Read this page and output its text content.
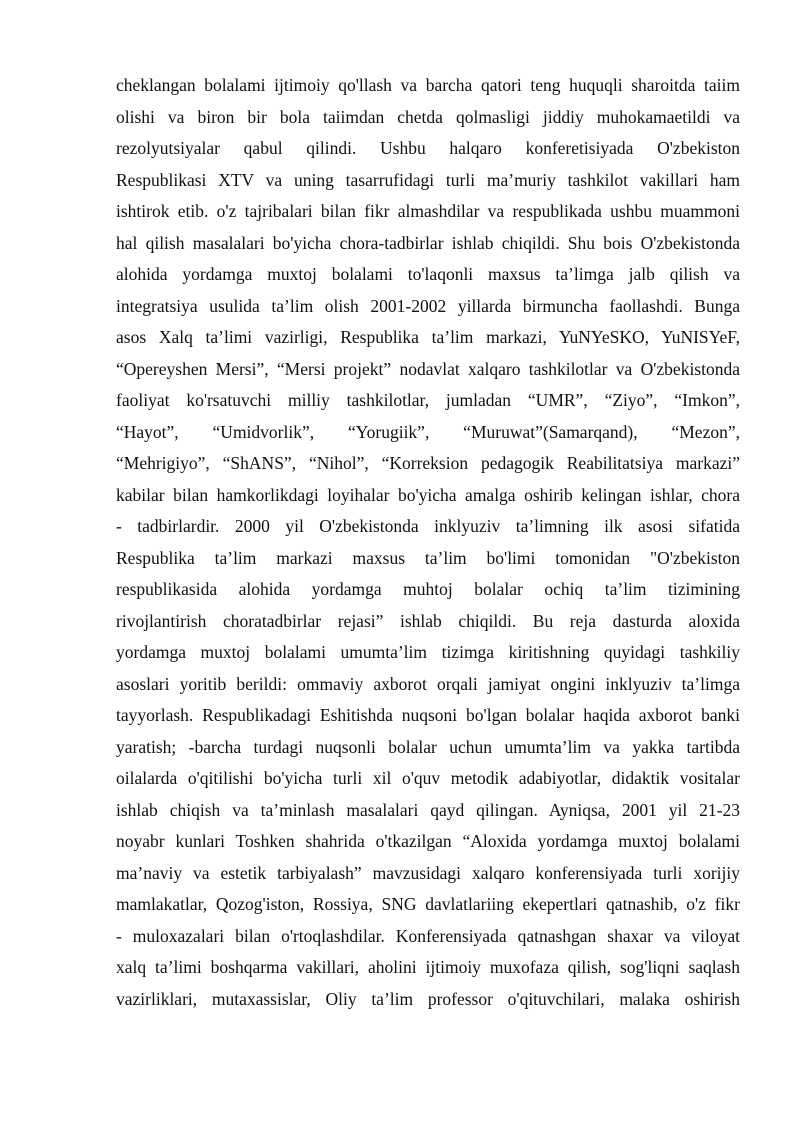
cheklangan bolalami ijtimoiy qo'llash va barcha qatori teng huquqli sharoitda taiim
olishi va biron bir bola taiimdan chetda qolmasligi jiddiy muhokamaetildi va
rezolyutsiyalar qabul qilindi. Ushbu halqaro konferetisiyada O'zbekiston
Respublikasi XTV va uning tasarrufidagi turli ma’muriy tashkilot vakillari ham
ishtirok etib. o'z tajribalari bilan fikr almashdilar va respublikada ushbu muammoni
hal qilish masalalari bo'yicha chora-tadbirlar ishlab chiqildi. Shu bois O'zbekistonda
alohida yordamga muxtoj bolalami to'laqonli maxsus ta’limga jalb qilish va
integratsiya usulida ta’lim olish 2001-2002 yillarda birmuncha faollashdi. Bunga
asos Xalq ta’limi vazirligi, Respublika ta’lim markazi, YuNYeSKO, YuNISYeF,
“Opereyshen Mersi”, “Mersi projekt” nodavlat xalqaro tashkilotlar va O'zbekistonda
faoliyat ko'rsatuvchi milliy tashkilotlar, jumladan “UMR”, “Ziyo”, “Imkon”,
“Hayot”, “Umidvorlik”, “Yorugiik”, “Muruwat”(Samarqand), “Mezon”,
“Mehrigiyo”, “ShANS”, “Nihol”, “Korreksion pedagogik Reabilitatsiya markazi”
kabilar bilan hamkorlikdagi loyihalar bo'yicha amalga oshirib kelingan ishlar, chora
- tadbirlardir. 2000 yil O'zbekistonda inklyuziv ta’limning ilk asosi sifatida
Respublika ta’lim markazi maxsus ta’lim bo'limi tomonidan "O'zbekiston
respublikasida alohida yordamga muhtoj bolalar ochiq ta’lim tizimining
rivojlantirish choratadbirlar rejasi” ishlab chiqildi. Bu reja dasturda aloxida
yordamga muxtoj bolalami umumta’lim tizimga kiritishning quyidagi tashkiliy
asoslari yoritib berildi: ommaviy axborot orqali jamiyat ongini inklyuziv ta’limga
tayyorlash. Respublikadagi Eshitishda nuqsoni bo'lgan bolalar haqida axborot banki
yaratish; -barcha turdagi nuqsonli bolalar uchun umumta’lim va yakka tartibda
oilalarda o'qitilishi bo'yicha turli xil o'quv metodik adabiyotlar, didaktik vositalar
ishlab chiqish va ta’minlash masalalari qayd qilingan. Ayniqsa, 2001 yil 21-23
noyabr kunlari Toshken shahrida o'tkazilgan “Aloxida yordamga muxtoj bolalami
ma’naviy va estetik tarbiyalash” mavzusidagi xalqaro konferensiyada turli xorijiy
mamlakatlar, Qozog'iston, Rossiya, SNG davlatlariing ekepertlari qatnashib, o'z fikr
- muloxazalari bilan o'rtoqlashdilar. Konferensiyada qatnashgan shaxar va viloyat
xalq ta’limi boshqarma vakillari, aholini ijtimoiy muxofaza qilish, sog'liqni saqlash
vazirliklari, mutaxassislar, Oliy ta’lim professor o'qituvchilari, malaka oshirish
